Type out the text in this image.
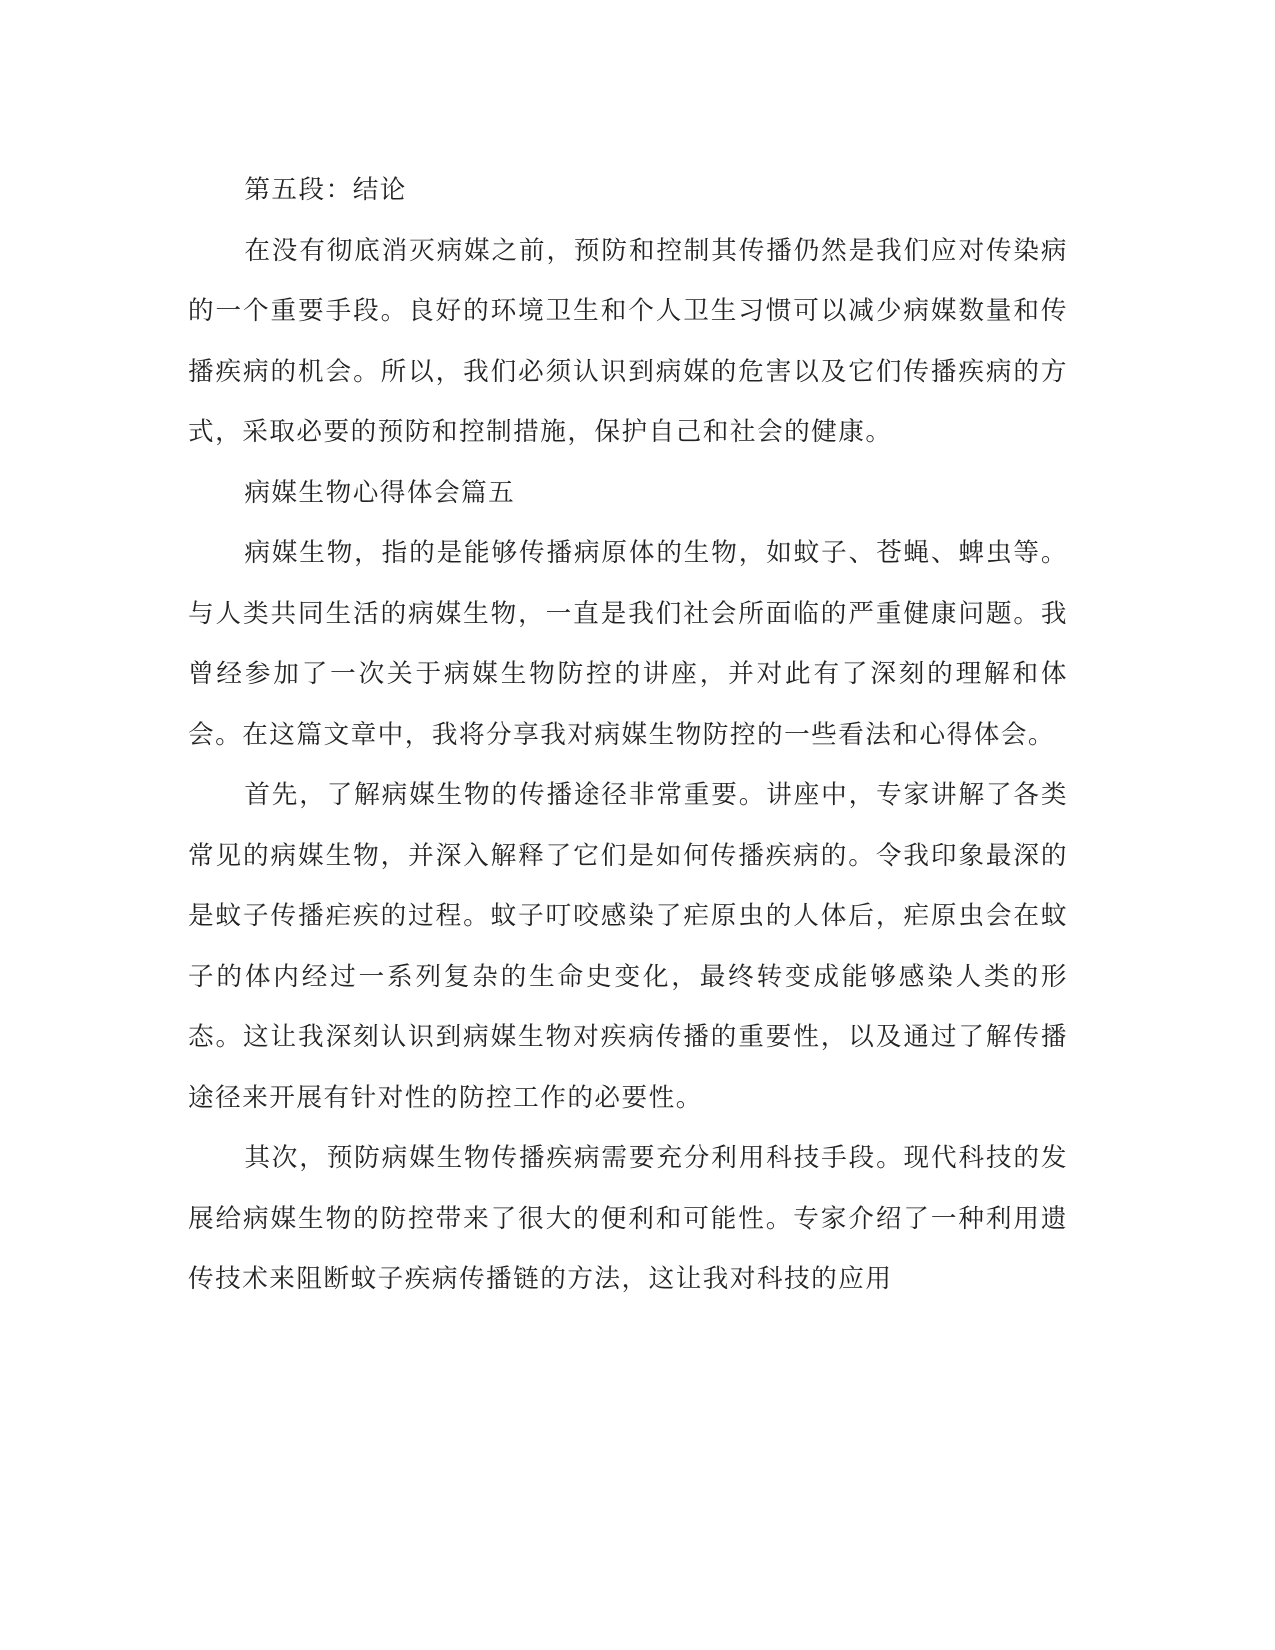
第五段：结论

在没有彻底消灭病媒之前，预防和控制其传播仍然是我们应对传染病的一个重要手段。良好的环境卫生和个人卫生习惯可以减少病媒数量和传播疾病的机会。所以，我们必须认识到病媒的危害以及它们传播疾病的方式，采取必要的预防和控制措施，保护自己和社会的健康。

病媒生物心得体会篇五

病媒生物，指的是能够传播病原体的生物，如蚊子、苍蝇、蜱虫等。与人类共同生活的病媒生物，一直是我们社会所面临的严重健康问题。我曾经参加了一次关于病媒生物防控的讲座，并对此有了深刻的理解和体会。在这篇文章中，我将分享我对病媒生物防控的一些看法和心得体会。

首先，了解病媒生物的传播途径非常重要。讲座中，专家讲解了各类常见的病媒生物，并深入解释了它们是如何传播疾病的。令我印象最深的是蚊子传播疟疾的过程。蚊子叮咬感染了疟原虫的人体后，疟原虫会在蚊子的体内经过一系列复杂的生命史变化，最终转变成能够感染人类的形态。这让我深刻认识到病媒生物对疾病传播的重要性，以及通过了解传播途径来开展有针对性的防控工作的必要性。

其次，预防病媒生物传播疾病需要充分利用科技手段。现代科技的发展给病媒生物的防控带来了很大的便利和可能性。专家介绍了一种利用遗传技术来阻断蚊子疾病传播链的方法，这让我对科技的应用
